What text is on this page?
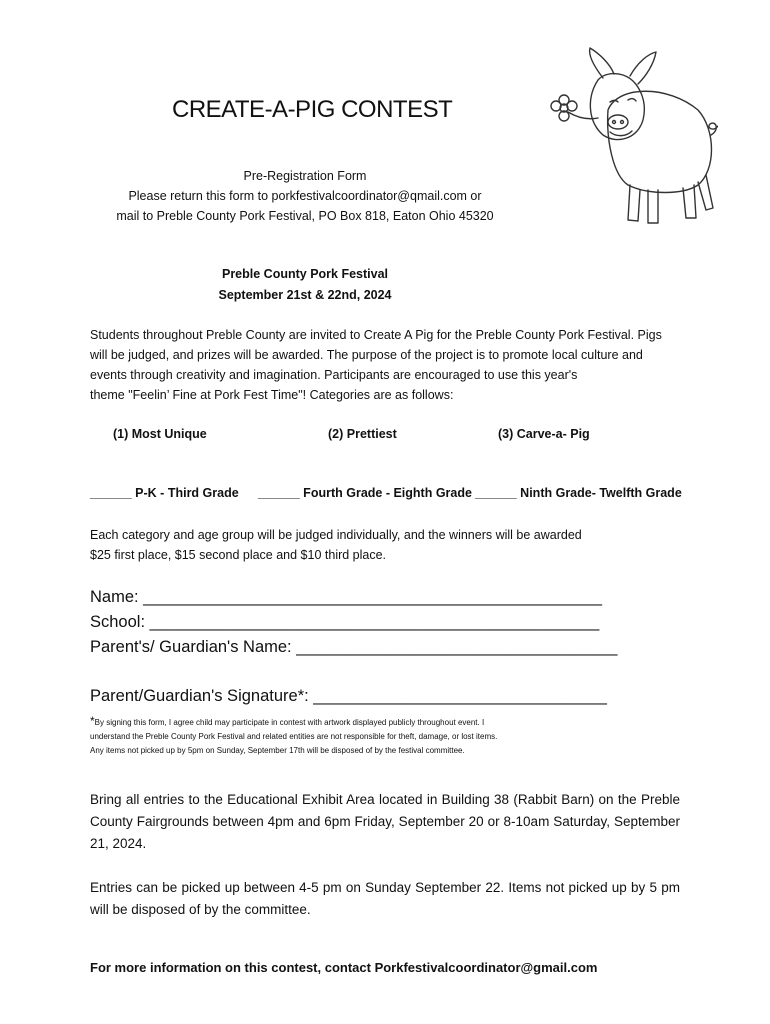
CREATE-A-PIG CONTEST
Pre-Registration Form
Please return this form to porkfestivalcoordinator@qmail.com or
mail to Preble County Pork Festival, PO Box 818, Eaton Ohio 45320
Preble County Pork Festival
September 21st & 22nd, 2024
Students throughout Preble County are invited to Create A Pig for the Preble County Pork Festival. Pigs
will be judged, and prizes will be awarded. The purpose of the project is to promote local culture and
events through creativity and imagination. Participants are encouraged to use this year's
theme "Feelin’ Fine at Pork Fest Time"! Categories are as follows:
(1) Most Unique	(2) Prettiest	(3) Carve-a- Pig
______ P-K - Third Grade ______ Fourth Grade - Eighth Grade ______ Ninth Grade- Twelfth Grade
Each category and age group will be judged individually, and the winners will be awarded
$25 first place, $15 second place and $10 third place.
Name: __________________________________________________
School: _________________________________________________
Parent's/ Guardian's Name: ___________________________________
Parent/Guardian's Signature*: ________________________________
*By signing this form, I agree child may participate in contest with artwork displayed publicly throughout event. I
understand the Preble County Pork Festival and related entities are not responsible for theft, damage, or lost items.
Any items not picked up by 5pm on Sunday, September 17th will be disposed of by the festival committee.
Bring all entries to the Educational Exhibit Area located in Building 38 (Rabbit Barn) on the Preble County Fairgrounds between 4pm and 6pm Friday, September 20 or 8-10am Saturday, September 21, 2024.
Entries can be picked up between 4-5 pm on Sunday September 22. Items not picked up by 5 pm will be disposed of by the committee.
For more information on this contest, contact Porkfestivalcoordinator@gmail.com
